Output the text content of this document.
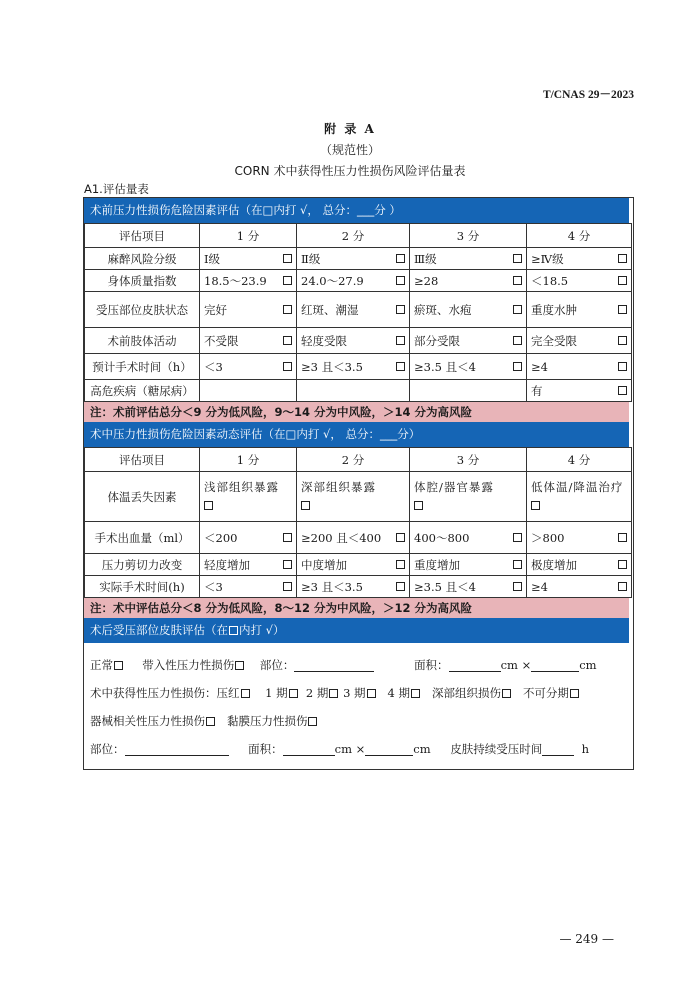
T/CNAS 29－2023
附 录 A
（规范性）
CORN 术中获得性压力性损伤风险评估量表
A1.评估量表
术前压力性损伤危险因素评估（在□内打 √， 总分：___分 ）
评估项目	1 分	2 分	3 分	4 分
麻醉风险分级	Ⅰ级	Ⅱ级	Ⅲ级	≥Ⅳ级

身体质量指数	18.5～23.9	24.0～27.9	≥28	＜18.5

受压部位皮肤状态	完好	红斑、潮湿	瘀斑、水疱	重度水肿

术前肢体活动	不受限	轻度受限	部分受限	完全受限

预计手术时间（h）	＜3	≥3 且＜3.5	≥3.5 且＜4	≥4

高危疾病（糖尿病）				有
注：术前评估总分＜9 分为低风险，9～14 分为中风险，＞14 分为高风险
术中压力性损伤危险因素动态评估（在□内打 √， 总分：___分）
评估项目	1 分	2 分	3 分	4 分
体温丢失因素	浅部组织暴露	深部组织暴露	体腔/器官暴露	低体温/降温治疗

手术出血量（ml）	＜200	≥200 且＜400	400～800	＞800

压力剪切力改变	轻度增加	中度增加	重度增加	极度增加

实际手术时间(h)	＜3	≥3 且＜3.5	≥3.5 且＜4	≥4
注：术中评估总分＜8 分为低风险，8～12 分为中风险，＞12 分为高风险
术后受压部位皮肤评估（在 内打 √）
正常	带入性压力性损伤 部位：	面积：	cm ×	cm
术中获得性压力性损伤：压红 1 期 2 期 3 期 4 期 深部组织损伤 不可分期
器械相关性压力性损伤 黏膜压力性损伤
部位：	面积：	cm ×	cm 皮肤持续受压时间	h
— 249 —
